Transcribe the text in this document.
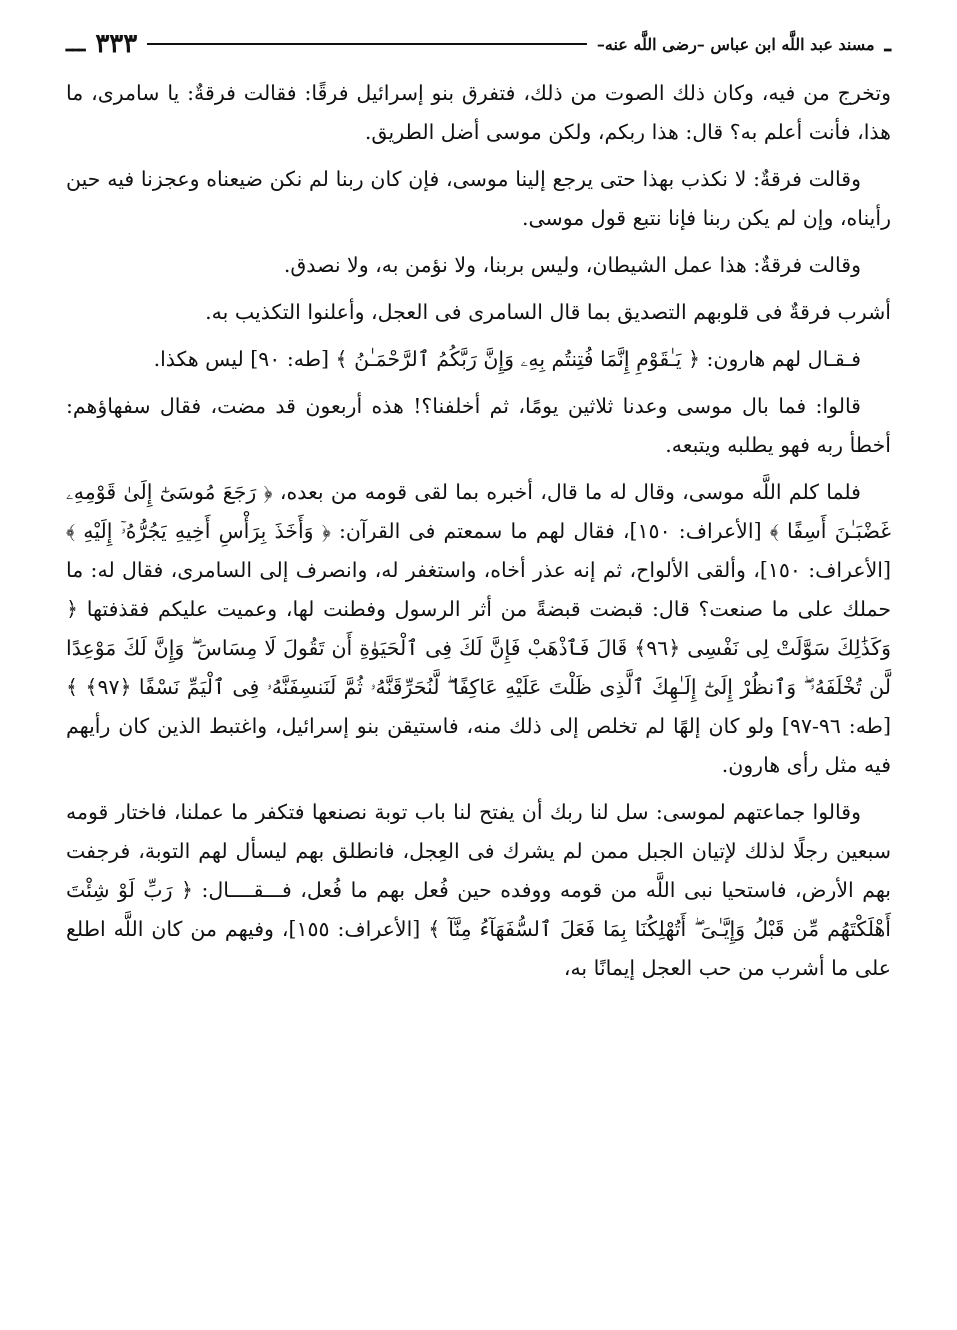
ـ
مسند عبد اللَّه ابن عباس –رضى اللَّه عنه–
٣٣٣
ـــ

وتخرج من فيه، وكان ذلك الصوت من ذلك، فتفرق بنو إسرائيل فرقًا: فقالت فرقةٌ: يا سامرى، ما هذا، فأنت أعلم به؟ قال: هذا ربكم، ولكن موسى أضل الطريق.

وقالت فرقةٌ: لا نكذب بهذا حتى يرجع إلينا موسى، فإن كان ربنا لم نكن ضيعناه وعجزنا فيه حين رأيناه، وإن لم يكن ربنا فإنا نتبع قول موسى.

وقالت فرقةٌ: هذا عمل الشيطان، وليس بربنا، ولا نؤمن به، ولا نصدق.

أشرب فرقةٌ فى قلوبهم التصديق بما قال السامرى فى العجل، وأعلنوا التكذيب به.

فـقـال لهم هارون: ﴿ يَـٰقَوْمِ إِنَّمَا فُتِنتُم بِهِۦ وَإِنَّ رَبَّكُمُ ٱلرَّحْمَـٰنُ ﴾ [طه: ٩٠] ليس هكذا.

قالوا: فما بال موسى وعدنا ثلاثين يومًا، ثم أخلفنا؟! هذه أربعون قد مضت، فقال سفهاؤهم: أخطأ ربه فهو يطلبه ويتبعه.

فلما كلم اللَّه موسى، وقال له ما قال، أخبره بما لقى قومه من بعده، ﴿ رَجَعَ مُوسَىٰٓ إِلَىٰ قَوْمِهِۦ غَضْبَـٰنَ أَسِفًا ﴾ [الأعراف: ١٥٠]، فقال لهم ما سمعتم فى القرآن: ﴿ وَأَخَذَ بِرَأْسِ أَخِيهِ يَجُرُّهُۥٓ إِلَيْهِ ﴾ [الأعراف: ١٥٠]، وألقى الألواح، ثم إنه عذر أخاه، واستغفر له، وانصرف إلى السامرى، فقال له: ما حملك على ما صنعت؟ قال: قبضت قبضةً من أثر الرسول وفطنت لها، وعميت عليكم فقذفتها ﴿ وَكَذَٰلِكَ سَوَّلَتْ لِى نَفْسِى ﴿٩٦﴾ قَالَ فَٱذْهَبْ فَإِنَّ لَكَ فِى ٱلْحَيَوٰةِ أَن تَقُولَ لَا مِسَاسَ ۖ وَإِنَّ لَكَ مَوْعِدًا لَّن تُخْلَفَهُۥ ۖ وَٱنظُرْ إِلَىٰٓ إِلَـٰهِكَ ٱلَّذِى ظَلْتَ عَلَيْهِ عَاكِفًا ۖ لَّنُحَرِّقَنَّهُۥ ثُمَّ لَنَنسِفَنَّهُۥ فِى ٱلْيَمِّ نَسْفًا ﴿٩٧﴾ ﴾ [طه: ٩٦-٩٧] ولو كان إلهًا لم تخلص إلى ذلك منه، فاستيقن بنو إسرائيل، واغتبط الذين كان رأيهم فيه مثل رأى هارون.

وقالوا جماعتهم لموسى: سل لنا ربك أن يفتح لنا باب توبة نصنعها فتكفر ما عملنا، فاختار قومه سبعين رجلًا لذلك لإتيان الجبل ممن لم يشرك فى العِجل، فانطلق بهم ليسأل لهم التوبة، فرجفت بهم الأرض، فاستحيا نبى اللَّه من قومه ووفده حين فُعل بهم ما فُعل، فـــقــــال: ﴿ رَبِّ لَوْ شِئْتَ أَهْلَكْتَهُم مِّن قَبْلُ وَإِيَّـٰىَ ۖ أَتُهْلِكُنَا بِمَا فَعَلَ ٱلسُّفَهَآءُ مِنَّآ ﴾ [الأعراف: ١٥٥]، وفيهم من كان اللَّه اطلع على ما أشرب من حب العجل إيمانًا به،
